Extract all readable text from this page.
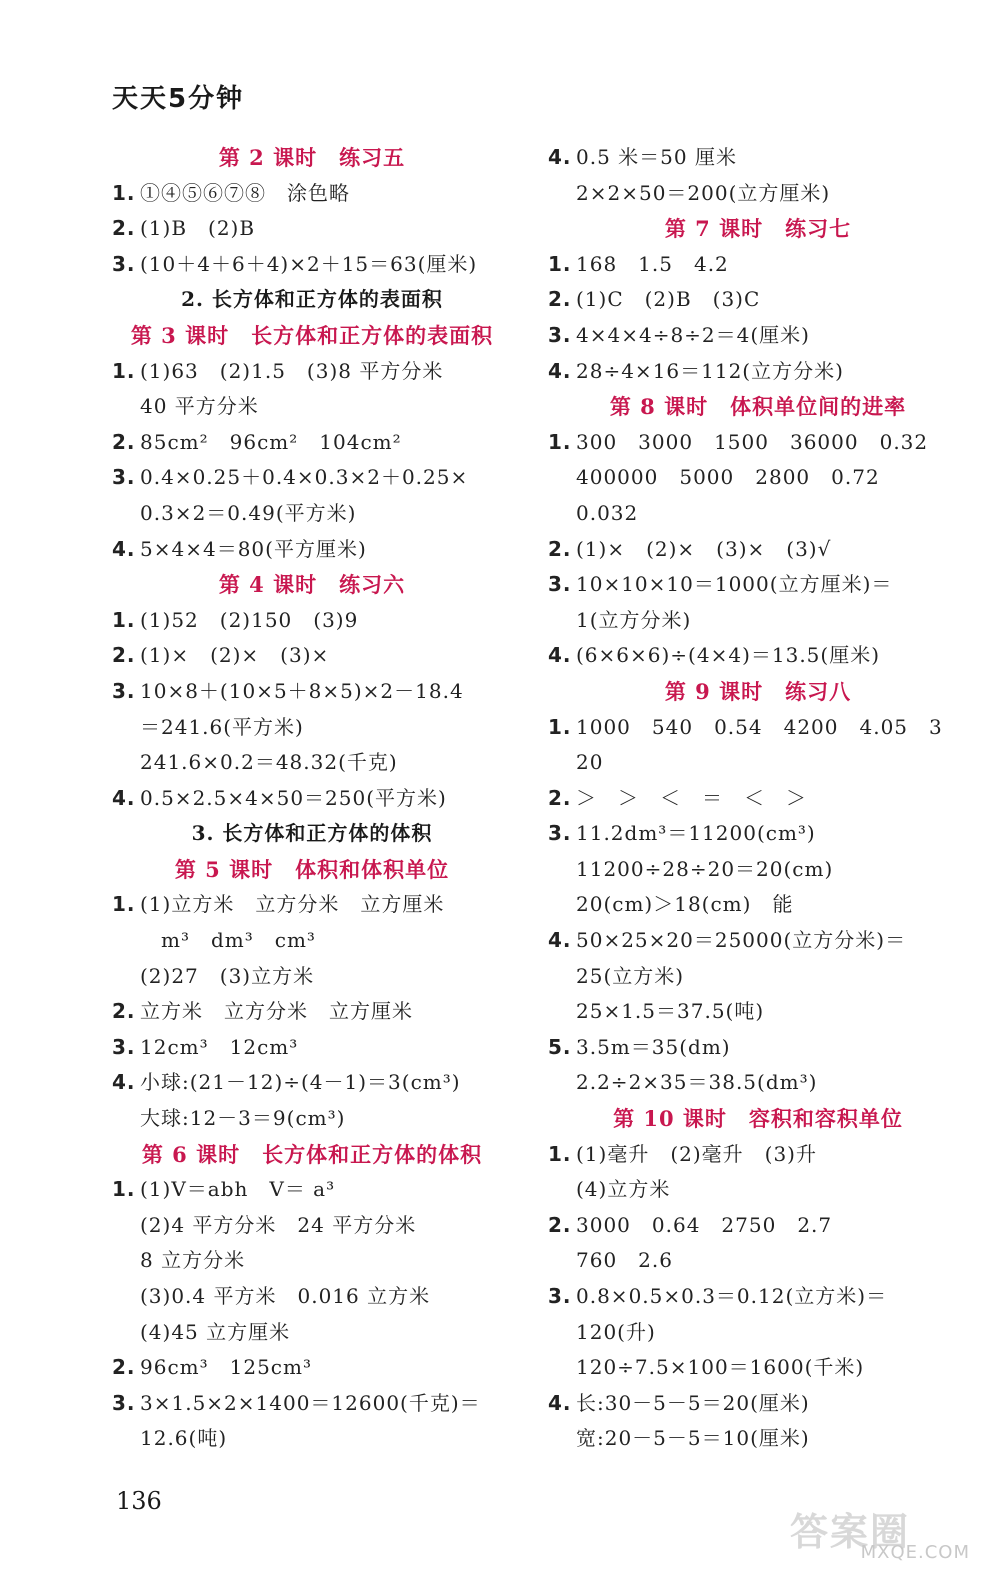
天天5分钟
第 2 课时　练习五
1. ①④⑤⑥⑦⑧　涂色略
2. (1)B　(2)B
3. (10＋4＋6＋4)×2＋15＝63(厘米)
2. 长方体和正方体的表面积
第 3 课时　长方体和正方体的表面积
1. (1)63　(2)1.5　(3)8 平方分米
40 平方分米
2. 85cm²　96cm²　104cm²
3. 0.4×0.25＋0.4×0.3×2＋0.25×
0.3×2＝0.49(平方米)
4. 5×4×4＝80(平方厘米)
第 4 课时　练习六
1. (1)52　(2)150　(3)9
2. (1)×　(2)×　(3)×
3. 10×8＋(10×5＋8×5)×2－18.4
＝241.6(平方米)
241.6×0.2＝48.32(千克)
4. 0.5×2.5×4×50＝250(平方米)
3. 长方体和正方体的体积
第 5 课时　体积和体积单位
1. (1)立方米　立方分米　立方厘米
　m³　dm³　cm³
(2)27　(3)立方米
2. 立方米　立方分米　立方厘米
3. 12cm³　12cm³
4. 小球:(21－12)÷(4－1)＝3(cm³)
大球:12－3＝9(cm³)
第 6 课时　长方体和正方体的体积
1. (1)V＝abh　V＝ a³
(2)4 平方分米　24 平方分米
8 立方分米
(3)0.4 平方米　0.016 立方米
(4)45 立方厘米
2. 96cm³　125cm³
3. 3×1.5×2×1400＝12600(千克)＝
12.6(吨)
4. 0.5 米＝50 厘米
2×2×50＝200(立方厘米)
第 7 课时　练习七
1. 168　1.5　4.2
2. (1)C　(2)B　(3)C
3. 4×4×4÷8÷2＝4(厘米)
4. 28÷4×16＝112(立方分米)
第 8 课时　体积单位间的进率
1. 300　3000　1500　36000　0.32
400000　5000　2800　0.72
0.032
2. (1)×　(2)×　(3)×　(3)√
3. 10×10×10＝1000(立方厘米)＝
1(立方分米)
4. (6×6×6)÷(4×4)＝13.5(厘米)
第 9 课时　练习八
1. 1000　540　0.54　4200　4.05　3
20
2. ＞　＞　＜　＝　＜　＞
3. 11.2dm³＝11200(cm³)
11200÷28÷20＝20(cm)
20(cm)＞18(cm)　能
4. 50×25×20＝25000(立方分米)＝
25(立方米)
25×1.5＝37.5(吨)
5. 3.5m＝35(dm)
2.2÷2×35＝38.5(dm³)
第 10 课时　容积和容积单位
1. (1)毫升　(2)毫升　(3)升
(4)立方米
2. 3000　0.64　2750　2.7
760　2.6
3. 0.8×0.5×0.3＝0.12(立方米)＝
120(升)
120÷7.5×100＝1600(千米)
4. 长:30－5－5＝20(厘米)
宽:20－5－5＝10(厘米)
136
答案圈
MXQE.COM
